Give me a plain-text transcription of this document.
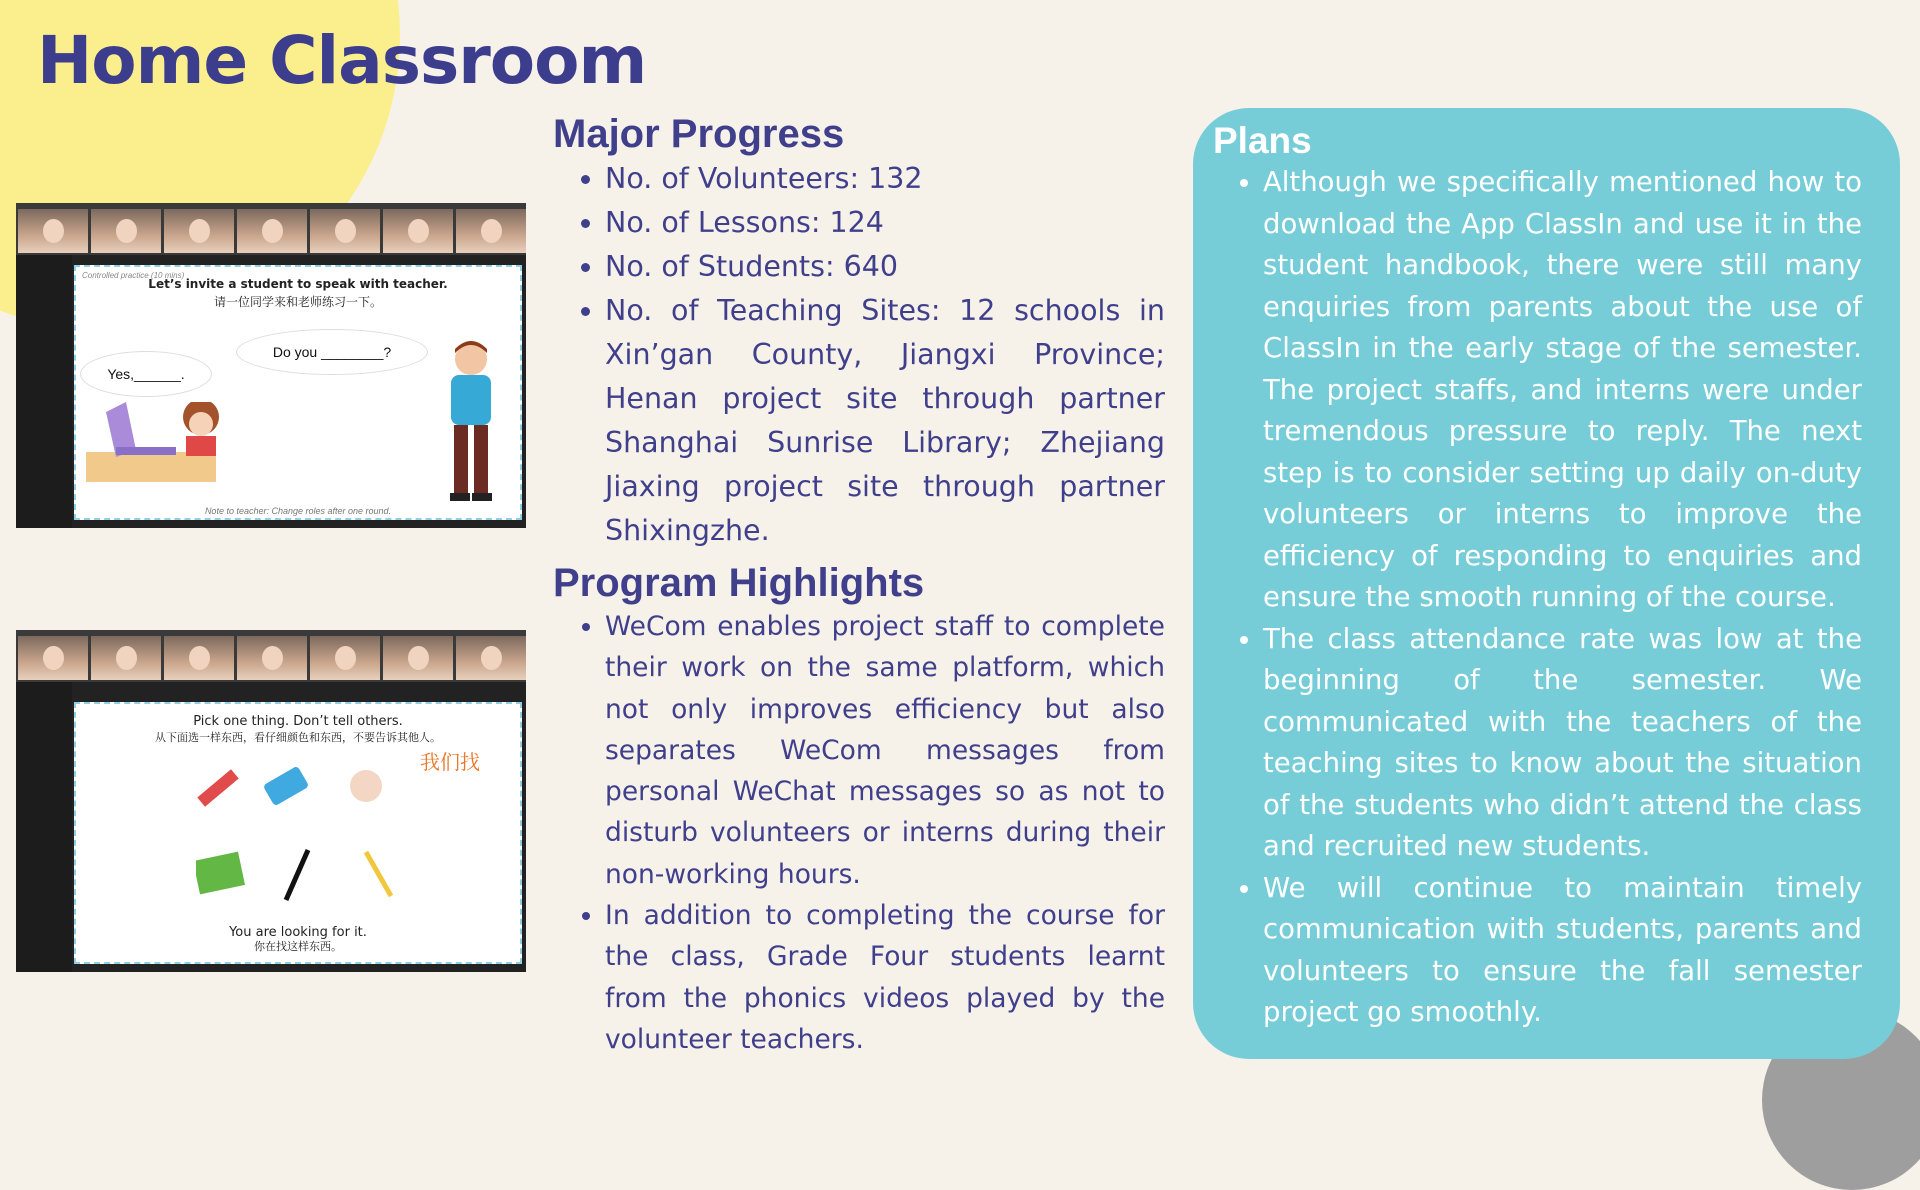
Home Classroom
Controlled practice (10 mins)
Let’s invite a student to speak with teacher.
请一位同学来和老师练习一下。
Yes,______.
Do you ________?
Note to teacher: Change roles after one round.
Pick one thing. Don’t tell others.
从下面选一样东西，看仔细颜色和东西，不要告诉其他人。
我们找
You are looking for it.
你在找这样东西。
Major Progress
• No. of Volunteers: 132
• No. of Lessons: 124
• No. of Students: 640
• No. of Teaching Sites: 12 schools in Xin’gan County, Jiangxi Province; Henan project site through partner Shanghai Sunrise Library; Zhejiang Jiaxing project site through partner Shixingzhe.
Program Highlights
• WeCom enables project staff to complete their work on the same platform, which not only improves efficiency but also separates WeCom messages from personal WeChat messages so as not to disturb volunteers or interns during their non-working hours.
• In addition to completing the course for the class, Grade Four students learnt from the phonics videos played by the volunteer teachers.
Plans
• Although we specifically mentioned how to download the App ClassIn and use it in the student handbook, there were still many enquiries from parents about the use of ClassIn in the early stage of the semester. The project staffs, and interns were under tremendous pressure to reply. The next step is to consider setting up daily on-duty volunteers or interns to improve the efficiency of responding to enquiries and ensure the smooth running of the course.
• The class attendance rate was low at the beginning of the semester. We communicated with the teachers of the teaching sites to know about the situation of the students who didn’t attend the class and recruited new students.
• We will continue to maintain timely communication with students, parents and volunteers to ensure the fall semester project go smoothly.
